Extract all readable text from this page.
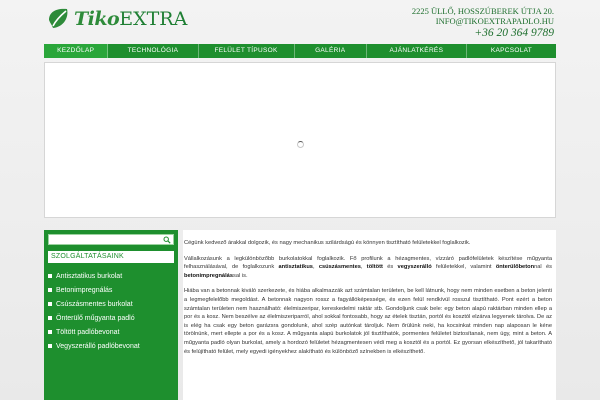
Tiko EXTRA	2225 ÜLLŐ, HOSSZÚBEREK ÚTJA 20.
INFO@TIKOEXTRAPADLO.HU
+36 20 364 9789
KEZDŐLAP	TECHNOLÓGIA	FELÜLET TÍPUSOK	GALÉRIA	AJÁNLATKÉRÉS	KAPCSOLAT
SZOLGÁLTATÁSAINK
Antisztatikus burkolat
Betonimpregnálás
Csúszásmentes burkolat
Önterülő műgyanta padló
Töltött padlóbevonat
Vegyszerálló padlóbevonat

Cégünk kedvező árakkal dolgozik, és nagy mechanikus szilárdságú és könnyen tisztítható felületekkel foglalkozik.

Vállalkozásunk a legkülönbözőbb burkolatokkal foglalkozik. Fő profilunk a hézagmentes, vízzáró padlófelületek készítése műgyanta felhasználásával, de foglalkozunk antisztatikus, csúszásmentes, töltött és vegyszerálló felületekkel, valamint önterülőbetonnal és betonimpregnálással is.

Hiába van a betonnak kiváló szerkezete, és hiába alkalmazzák azt számtalan területen, be kell látnunk, hogy nem minden esetben a beton jelenti a legmegfelelőbb megoldást. A betonnak nagyon rossz a fagyállóképessége, és ezen felül rendkívül rosszul tisztítható. Pont ezért a beton számtalan területen nem használható: élelmiszeripar, kereskedelmi raktár stb. Gondoljunk csak bele: egy beton alapú raktárban minden ellep a por és a kosz. Nem beszélve az élelmiszeriparról, ahol sokkal fontosabb, hogy az ételek tisztán, portól és kosztól elzárva legyenek tárolva. De az is elég ha csak egy beton garázsra gondolunk, ahol szép autónkat tároljuk. Nem őrülünk neki, ha kocsinkat minden nap alaposan le kéne törölnünk, mert ellepte a por és a kosz. A műgyanta alapú burkolatok jól tisztíthatók, pormentes felületet biztosítanak, nem úgy, mint a beton. A műgyanta padló olyan burkolat, amely a hordozó felületet hézagmentesen védi meg a kosztól és a portól. Ez gyorsan elkészíthető, jól takarítható és felújítható felület, mely egyedi igényekhez alakítható és különböző színekben is elkészíthető.
